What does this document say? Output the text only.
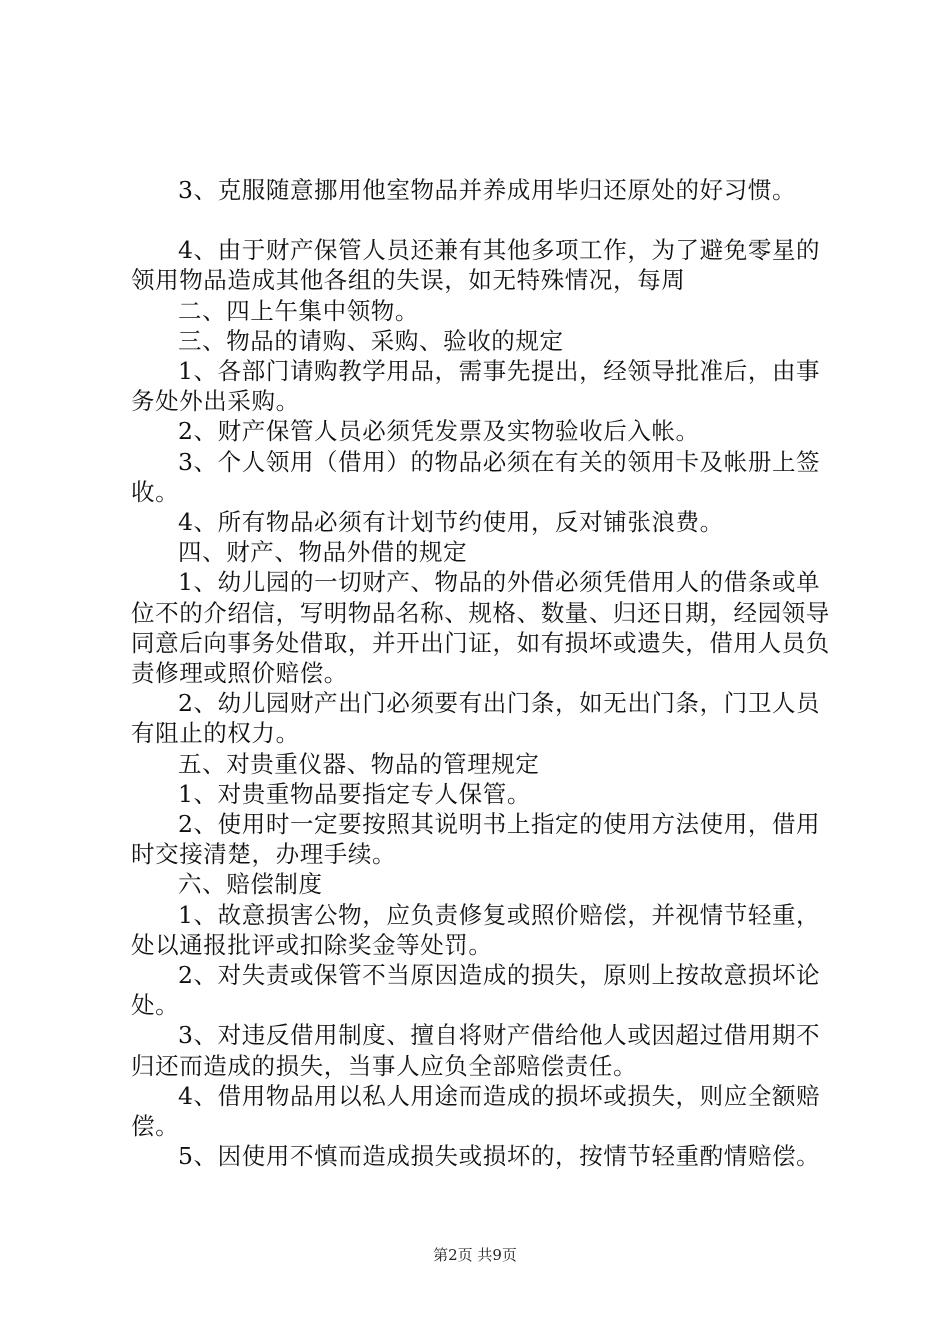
3、克服随意挪用他室物品并养成用毕归还原处的好习惯。

4、由于财产保管人员还兼有其他多项工作，为了避免零星的领用物品造成其他各组的失误，如无特殊情况，每周

二、四上午集中领物。

三、物品的请购、采购、验收的规定

1、各部门请购教学用品，需事先提出，经领导批准后，由事务处外出采购。

2、财产保管人员必须凭发票及实物验收后入帐。

3、个人领用（借用）的物品必须在有关的领用卡及帐册上签收。

4、所有物品必须有计划节约使用，反对铺张浪费。

四、财产、物品外借的规定

1、幼儿园的一切财产、物品的外借必须凭借用人的借条或单位不的介绍信，写明物品名称、规格、数量、归还日期，经园领导同意后向事务处借取，并开出门证，如有损坏或遗失，借用人员负责修理或照价赔偿。

2、幼儿园财产出门必须要有出门条，如无出门条，门卫人员有阻止的权力。

五、对贵重仪器、物品的管理规定

1、对贵重物品要指定专人保管。

2、使用时一定要按照其说明书上指定的使用方法使用，借用时交接清楚，办理手续。

六、赔偿制度

1、故意损害公物，应负责修复或照价赔偿，并视情节轻重，处以通报批评或扣除奖金等处罚。

2、对失责或保管不当原因造成的损失，原则上按故意损坏论处。

3、对违反借用制度、擅自将财产借给他人或因超过借用期不归还而造成的损失，当事人应负全部赔偿责任。

4、借用物品用以私人用途而造成的损坏或损失，则应全额赔偿。

5、因使用不慎而造成损失或损坏的，按情节轻重酌情赔偿。

第2页 共9页
